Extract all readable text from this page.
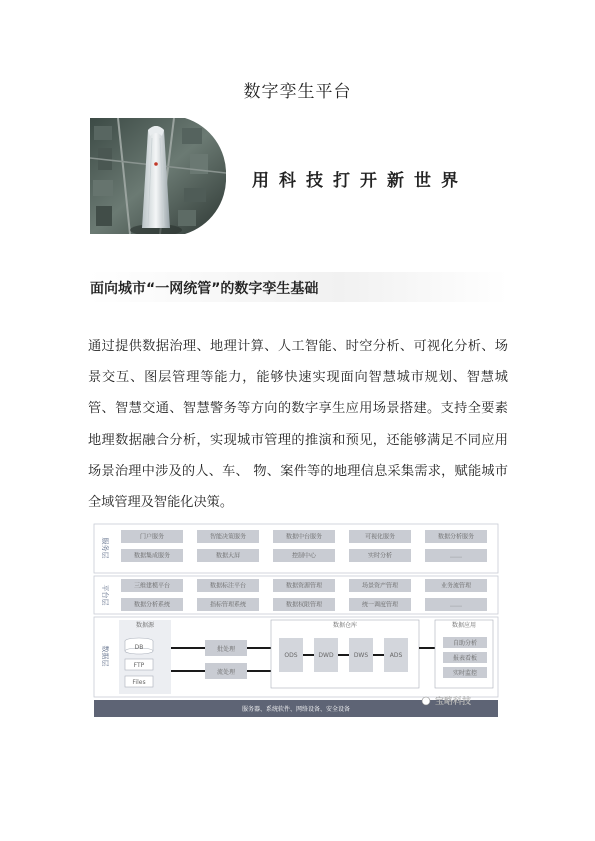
数字孪生平台
用科技打开新世界
面向城市“一网统管”的数字孪生基础
通过提供数据治理、地理计算、人工智能、时空分析、可视化分析、场景交互、图层管理等能力，能够快速实现面向智慧城市规划、智慧城管、智慧交通、智慧警务等方向的数字享生应用场景搭建。支持全要素地理数据融合分析，实现城市管理的推演和预见，还能够满足不同应用场景治理中涉及的人、车、 物、案件等的地理信息采集需求，赋能城市全域管理及智能化决策。
服务层
门户服务	智能决策服务	数据中台服务	可视化服务	数据分析服务
数据集成服务	数据大屏	控制中心	实时分析	……
平台层	三维建模平台	数据标注平台	数据资源管理	场景资产管理	业务流管理
数据分析系统	指标管理系统	数据权限管理	统一调度管理	……
数据层
数据源
DB
FTP
Files
批处理
流处理
数据仓库
ODS	DWD	DWS	ADS
数据应用
自助分析
报表看板
实时监控
服务器、系统软件、网络设备、安全设备
宝略科技
